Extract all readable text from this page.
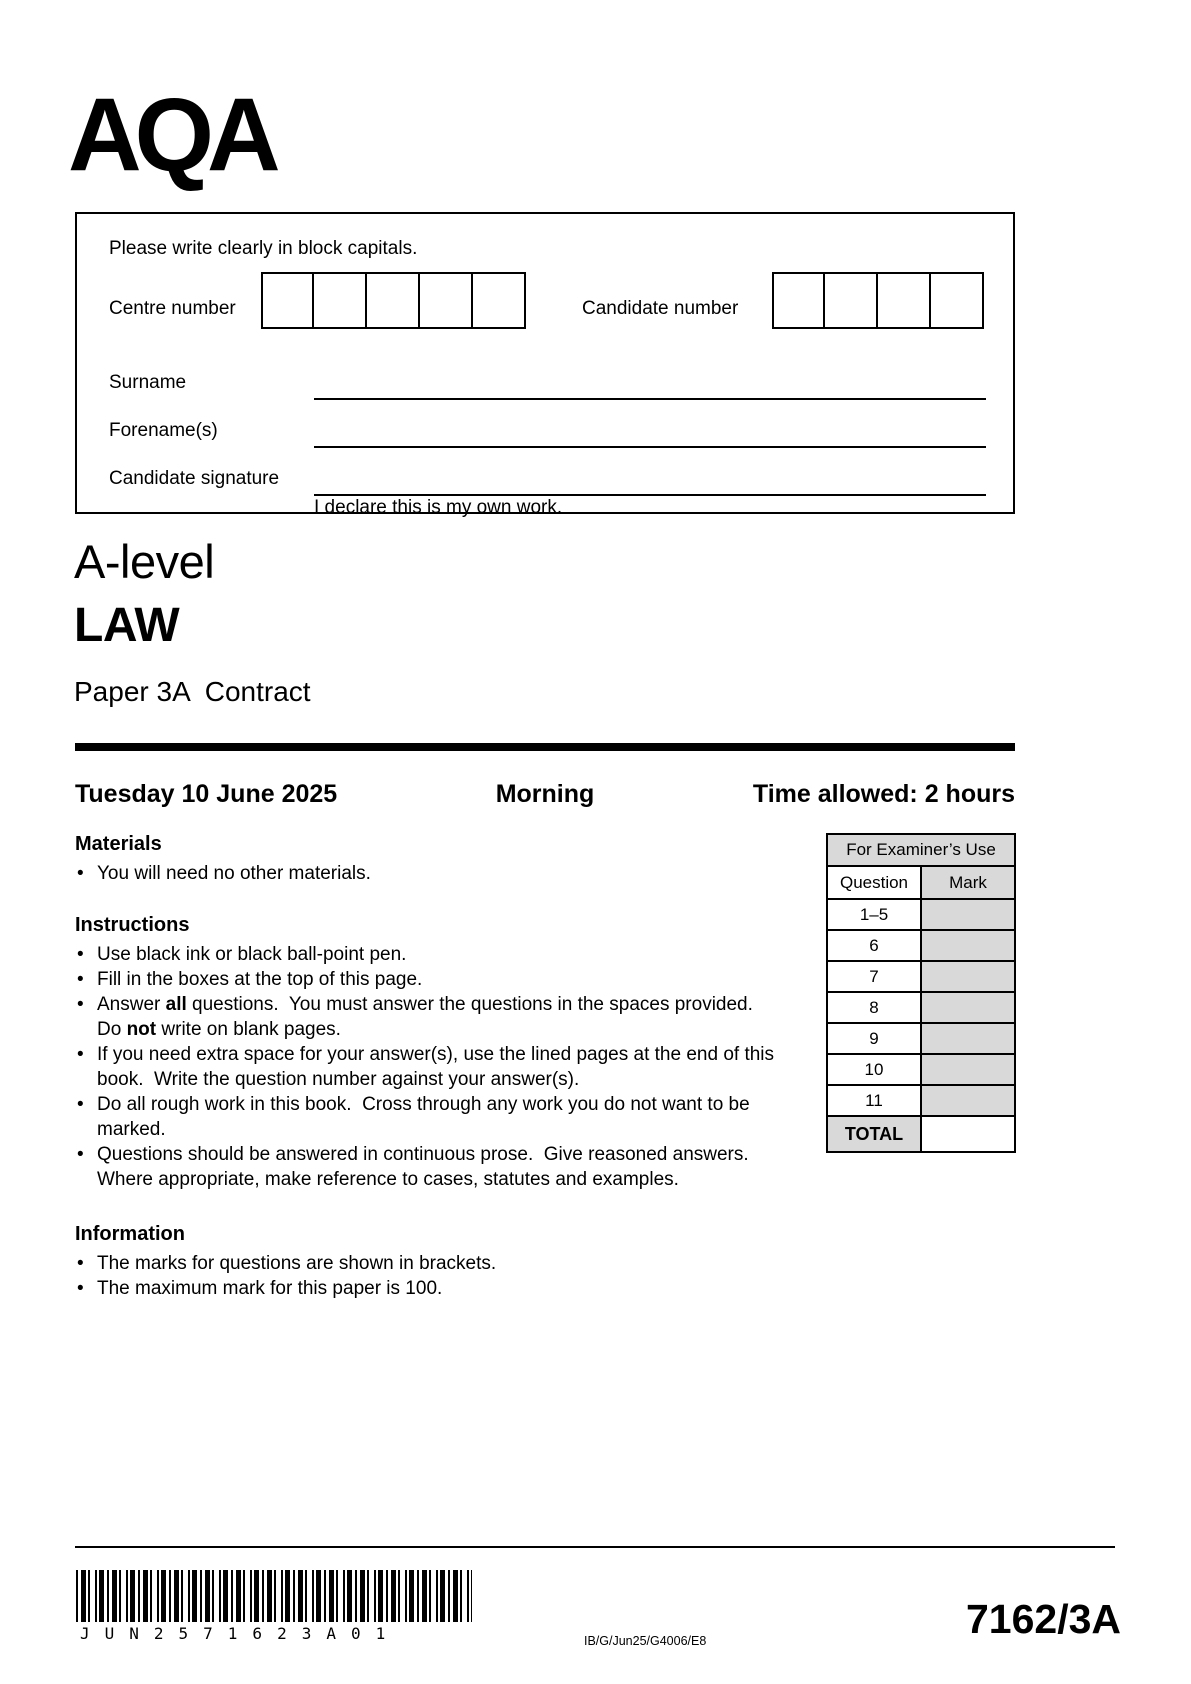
AQA
Please write clearly in block capitals.
Centre number	Candidate number
Surname
Forename(s)
Candidate signature
I declare this is my own work.
A-level
LAW
Paper 3A  Contract
Tuesday 10 June 2025	Morning	Time allowed: 2 hours
Materials
• You will need no other materials.
Instructions
• Use black ink or black ball-point pen.
• Fill in the boxes at the top of this page.
• Answer all questions.  You must answer the questions in the spaces provided.  Do not write on blank pages.
• If you need extra space for your answer(s), use the lined pages at the end of this book.  Write the question number against your answer(s).
• Do all rough work in this book.  Cross through any work you do not want to be marked.
• Questions should be answered in continuous prose.  Give reasoned answers.  Where appropriate, make reference to cases, statutes and examples.
Information
• The marks for questions are shown in brackets.
• The maximum mark for this paper is 100.
For Examiner’s Use	
Question	Mark
1–5	
6	
7	
8	
9	
10	
11	
TOTAL	
JUN2571623A01	IB/G/Jun25/G4006/E8	7162/3A
